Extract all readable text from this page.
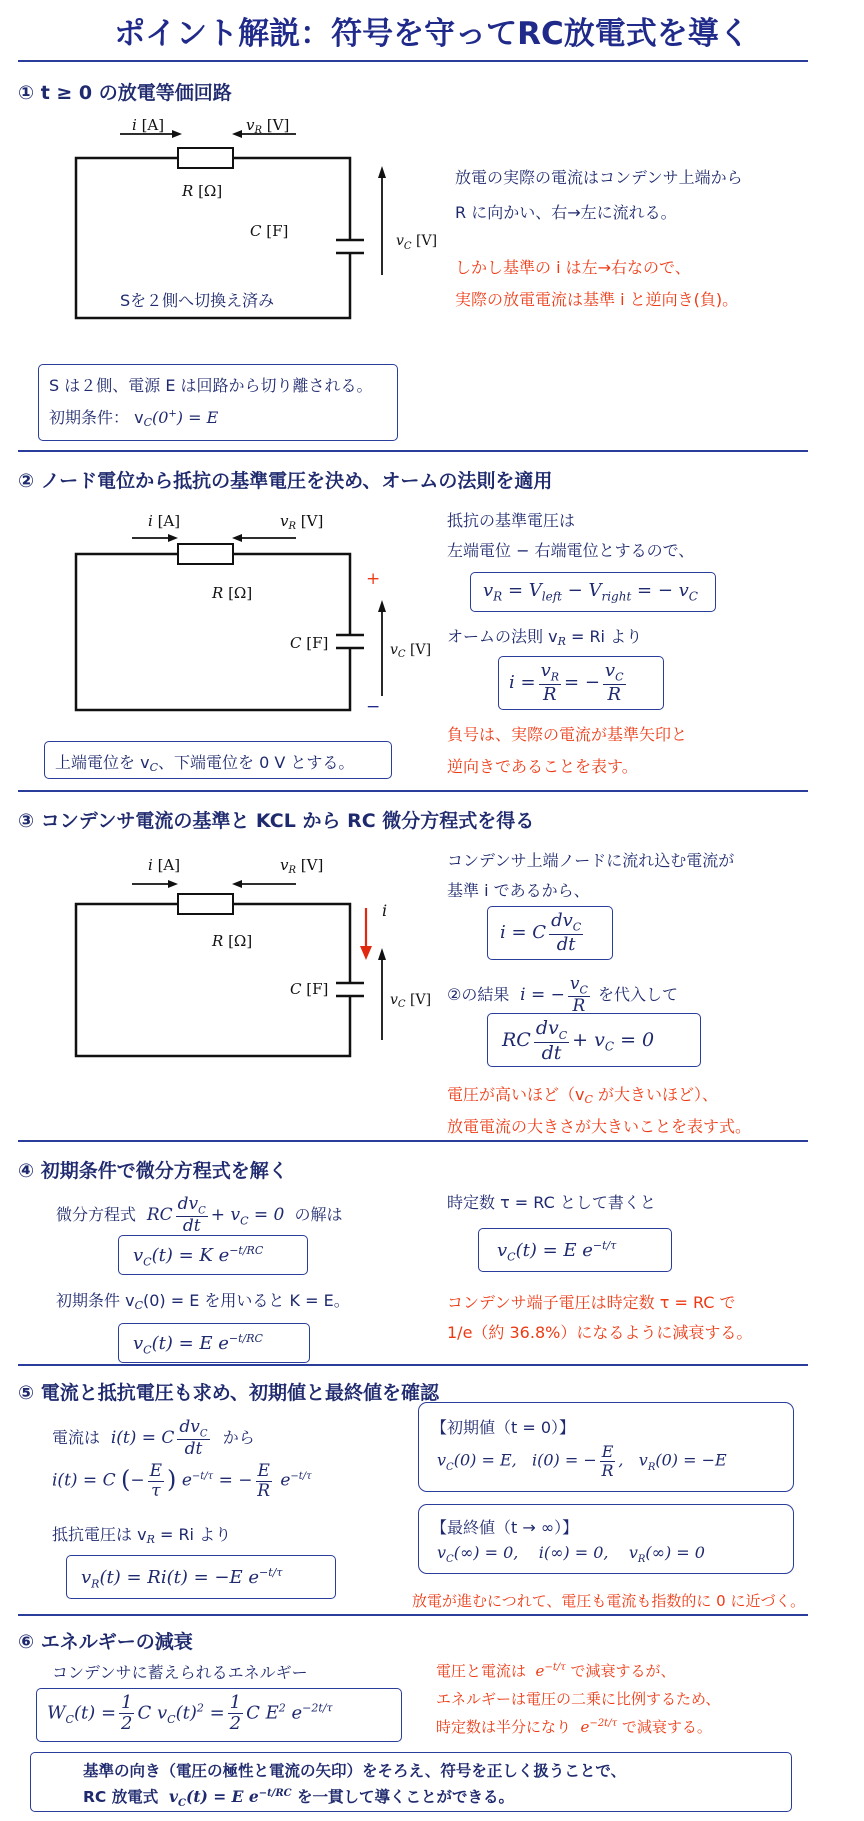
ポイント解説：符号を守ってRC放電式を導く
① t ≥ 0 の放電等価回路
i [A]	$v_R$ [V]
R [Ω]
C [F]
$v_C$ [V]
Sを２側へ切換え済み
放電の実際の電流はコンデンサ上端から
R に向かい、右→左に流れる。
しかし基準の i は左→右なので、
実際の放電電流は基準 i と逆向き(負)。
S は２側、電源 E は回路から切り離される。
初期条件： vC(0+) = E
② ノード電位から抵抗の基準電圧を決め、オームの法則を適用
i [A]	$v_R$ [V]
R [Ω]
C [F]
+
−
$v_C$ [V]
抵抗の基準電圧は
左端電位 − 右端電位とするので、
$v_R = V_{left} - V_{right}$ = − $v_C$
オームの法則 vR = Ri より
$i = \frac{v_R}{R}$ = − $\frac{v_C}{R}$
負号は、実際の電流が基準矢印と
逆向きであることを表す。
上端電位を vC、下端電位を 0 V とする。
③ コンデンサ電流の基準と KCL から RC 微分方程式を得る
i [A]	$v_R$ [V]
R [Ω]
C [F]
i
$v_C$ [V]
コンデンサ上端ノードに流れ込む電流が
基準 i であるから、
i = C $\frac{dv_C}{dt}$
②の結果  i = − $\frac{v_C}{R}$ を代入して
RC $\frac{dv_C}{dt} + v_C = 0$
電圧が高いほど（vC が大きいほど）、
放電電流の大きさが大きいことを表す式。
④ 初期条件で微分方程式を解く
微分方程式  RC $\frac{dv_C}{dt} + v_C = 0$ の解は
$v_C(t) = K$ $e^{-t/RC}$
初期条件 vC(0) = E を用いると K = E。
$v_C(t) = E$ $e^{-t/RC}$
時定数 τ = RC として書くと
$v_C(t) = E$ $e^{-t/\tau}$
コンデンサ端子電圧は時定数 τ = RC で
1/e（約 36.8%）になるように減衰する。
⑤ 電流と抵抗電圧も求め、初期値と最終値を確認
電流は  i(t) = C $\frac{dv_C}{dt}$ から
i(t) = C (− $\frac{E}{\tau}$ ) $e^{-t/\tau}$ = − $\frac{E}{R} e^{-t/\tau}$
抵抗電圧は vR = Ri より
$v_R(t) = Ri(t) = -E$ $e^{-t/\tau}$
【初期値（t = 0）】
$v_C(0) = E$,   i(0) = − $\frac{E}{R}$ ,   $v_R(0) = -E$
【最終値（t → ∞）】
$v_C(\infty) = 0$,    i(∞) = 0,    $v_R(\infty) = 0$
放電が進むにつれて、電圧も電流も指数的に 0 に近づく。
⑥ エネルギーの減衰
コンデンサに蓄えられるエネルギー
$W_C(t) = \frac{1}{2}$ C $v_C(t)^2 = \frac{1}{2}$ C $E^2$ $e^{-2t/\tau}$
電圧と電流は  $e^{-t/\tau}$ で減衰するが、
エネルギーは電圧の二乗に比例するため、
時定数は半分になり  $e^{-2t/\tau}$ で減衰する。
基準の向き（電圧の極性と電流の矢印）をそろえ、符号を正しく扱うことで、
RC 放電式  $v_C(t) = E$ $e^{-t/RC}$ を一貫して導くことができる。
